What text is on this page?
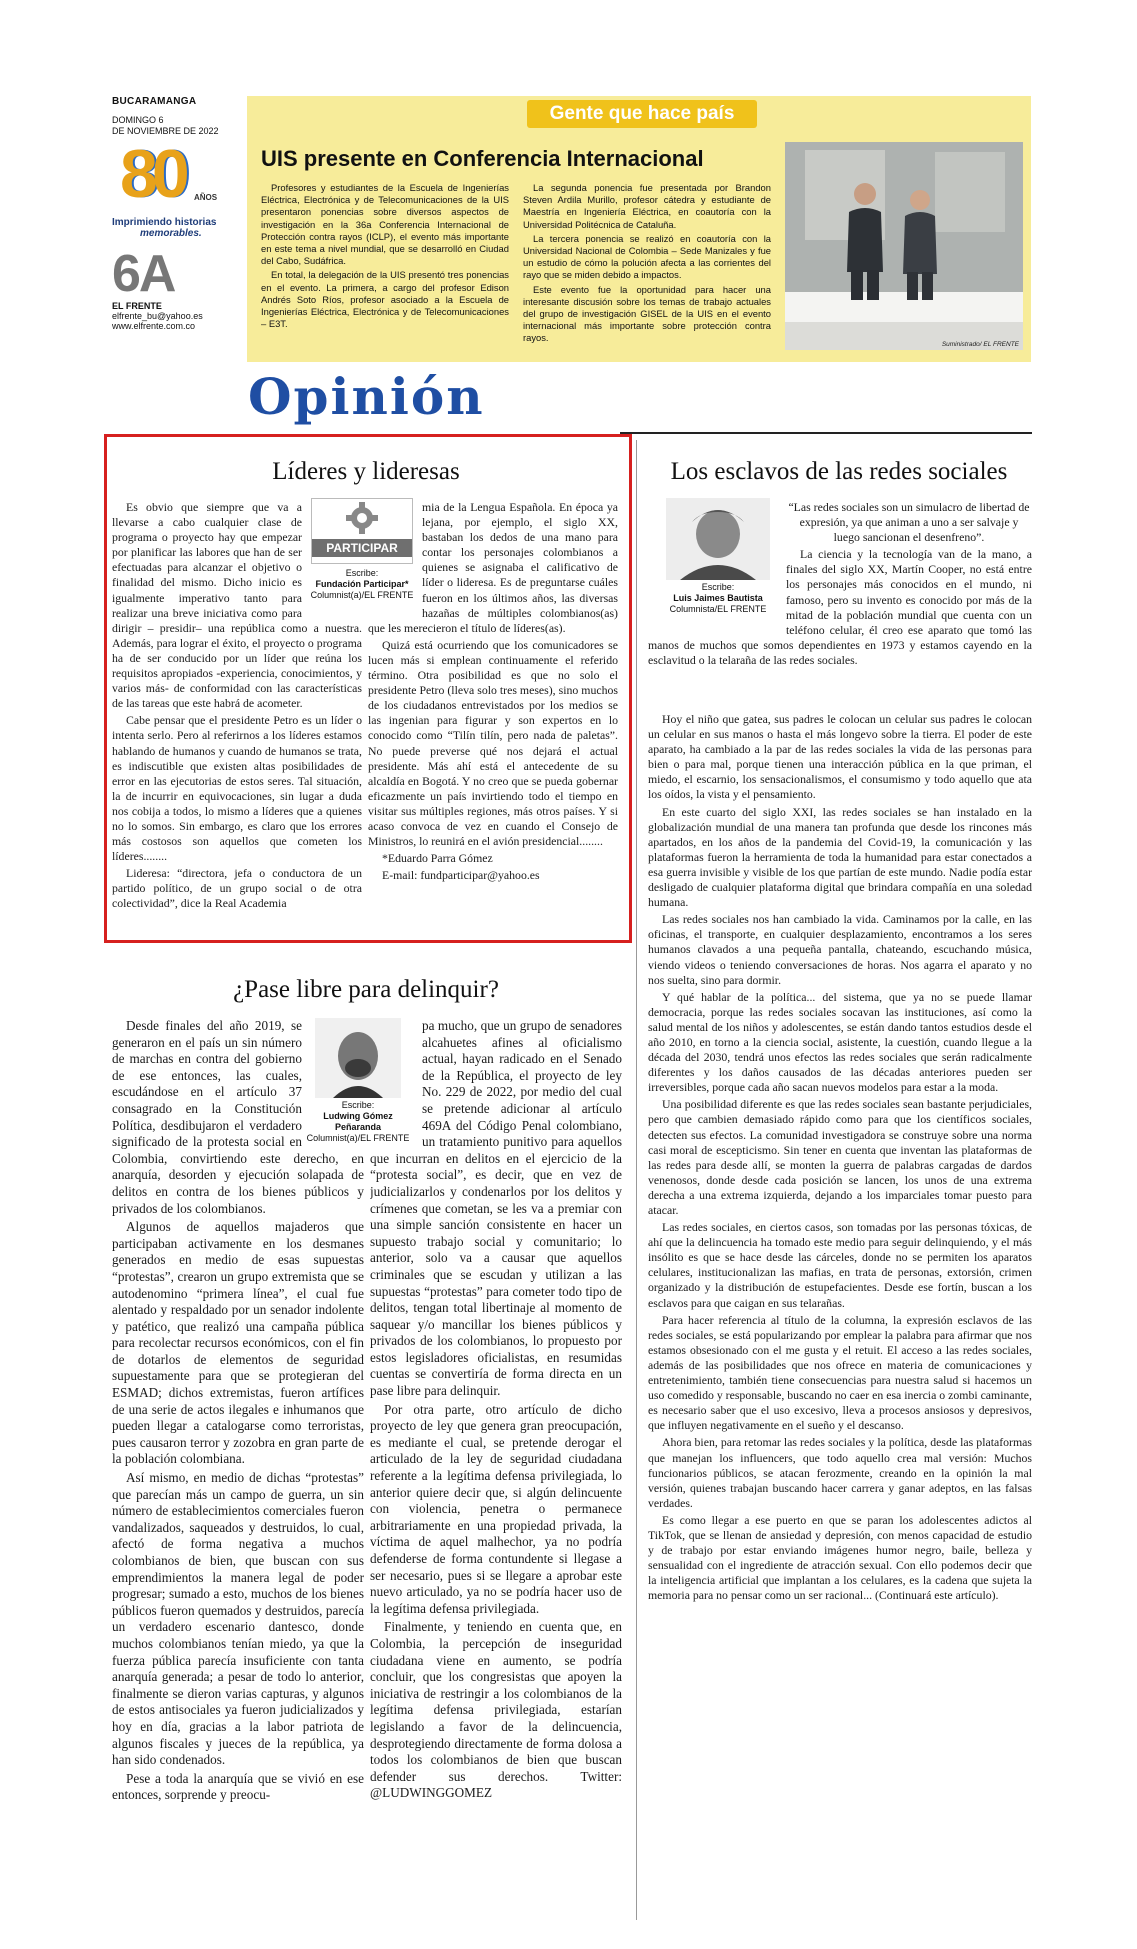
BUCARAMANGA
DOMINGO 6
DE NOVIEMBRE DE 2022
80 AÑOS
Imprimiendo historias
memorables.
6A
EL FRENTE
elfrente_bu@yahoo.es
www.elfrente.com.co
Gente que hace país
UIS presente en Conferencia Internacional

Profesores y estudiantes de la Escuela de Ingenierías Eléctrica, Electrónica y de Telecomunicaciones de la UIS presentaron ponencias sobre diversos aspectos de investigación en la 36a Conferencia Internacional de Protección contra rayos (ICLP), el evento más importante en este tema a nivel mundial, que se desarrolló en Ciudad del Cabo, Sudáfrica.

En total, la delegación de la UIS presentó tres ponencias en el evento. La primera, a cargo del profesor Edison Andrés Soto Ríos, profesor asociado a la Escuela de Ingenierías Eléctrica, Electrónica y de Telecomunicaciones – E3T.

La segunda ponencia fue presentada por Brandon Steven Ardila Murillo, profesor cátedra y estudiante de Maestría en Ingeniería Eléctrica, en coautoría con la Universidad Politécnica de Cataluña.

La tercera ponencia se realizó en coautoría con la Universidad Nacional de Colombia – Sede Manizales y fue un estudio de cómo la polución afecta a las corrientes del rayo que se miden debido a impactos.

Este evento fue la oportunidad para hacer una interesante discusión sobre los temas de trabajo actuales del grupo de investigación GISEL de la UIS en el evento internacional más importante sobre protección contra rayos.

Suministrado/ EL FRENTE
Opinión
Líderes y lideresas
PARTICIPAR
Escribe:
Fundación Participar*
Columnist(a)/EL FRENTE

Es obvio que siempre que va a llevarse a cabo cualquier clase de programa o proyecto hay que empezar por planificar las labores que han de ser efectuadas para alcanzar el objetivo o finalidad del mismo. Dicho inicio es igualmente imperativo tanto para realizar una breve iniciativa como para dirigir – presidir– una república como a nuestra. Además, para lograr el éxito, el proyecto o programa ha de ser conducido por un líder que reúna los requisitos apropiados -experiencia, conocimientos, y varios más- de conformidad con las características de las tareas que este habrá de acometer.

Cabe pensar que el presidente Petro es un líder o intenta serlo. Pero al referirnos a los líderes estamos hablando de humanos y cuando de humanos se trata, es indiscutible que existen altas posibilidades de error en las ejecutorias de estos seres. Tal situación, la de incurrir en equivocaciones, sin lugar a duda nos cobija a todos, lo mismo a líderes que a quienes no lo somos. Sin embargo, es claro que los errores más costosos son aquellos que cometen los líderes........

Lideresa: “directora, jefa o conductora de un partido político, de un grupo social o de otra colectividad”, dice la Real Academia

mia de la Lengua Española. En época ya lejana, por ejemplo, el siglo XX, bastaban los dedos de una mano para contar los personajes colombianos a quienes se asignaba el calificativo de líder o lideresa. Es de preguntarse cuáles fueron en los últimos años, las diversas hazañas de múltiples colombianos(as) que les merecieron el título de líderes(as).

Quizá está ocurriendo que los comunicadores se lucen más si emplean continuamente el referido término. Otra posibilidad es que no solo el presidente Petro (lleva solo tres meses), sino muchos de los ciudadanos entrevistados por los medios se las ingenian para figurar y son expertos en lo conocido como “Tilín tilín, pero nada de paletas”. No puede preverse qué nos dejará el actual presidente. Más ahí está el antecedente de su alcaldía en Bogotá. Y no creo que se pueda gobernar eficazmente un país invirtiendo todo el tiempo en visitar sus múltiples regiones, más otros países. Y si acaso convoca de vez en cuando el Consejo de Ministros, lo reunirá en el avión presidencial........

*Eduardo Parra Gómez

E-mail: fundparticipar@yahoo.es

¿Pase libre para delinquir?
Escribe:
Ludwing Gómez Peñaranda
Columnist(a)/EL FRENTE

Desde finales del año 2019, se generaron en el país un sin número de marchas en contra del gobierno de ese entonces, las cuales, escudándose en el artículo 37 consagrado en la Constitución Política, desdibujaron el verdadero significado de la protesta social en Colombia, convirtiendo este derecho, en anarquía, desorden y ejecución solapada de delitos en contra de los bienes públicos y privados de los colombianos.

Algunos de aquellos majaderos que participaban activamente en los desmanes generados en medio de esas supuestas “protestas”, crearon un grupo extremista que se autodenomino “primera línea”, el cual fue alentado y respaldado por un senador indolente y patético, que realizó una campaña pública para recolectar recursos económicos, con el fin de dotarlos de elementos de seguridad supuestamente para que se protegieran del ESMAD; dichos extremistas, fueron artífices de una serie de actos ilegales e inhumanos que pueden llegar a catalogarse como terroristas, pues causaron terror y zozobra en gran parte de la población colombiana.

Así mismo, en medio de dichas “protestas” que parecían más un campo de guerra, un sin número de establecimientos comerciales fueron vandalizados, saqueados y destruidos, lo cual, afectó de forma negativa a muchos colombianos de bien, que buscan con sus emprendimientos la manera legal de poder progresar; sumado a esto, muchos de los bienes públicos fueron quemados y destruidos, parecía un verdadero escenario dantesco, donde muchos colombianos tenían miedo, ya que la fuerza pública parecía insuficiente con tanta anarquía generada; a pesar de todo lo anterior, finalmente se dieron varias capturas, y algunos de estos antisociales ya fueron judicializados y hoy en día, gracias a la labor patriota de algunos fiscales y jueces de la república, ya han sido condenados.

Pese a toda la anarquía que se vivió en ese entonces, sorprende y preocu-

pa mucho, que un grupo de senadores alcahuetes afines al oficialismo actual, hayan radicado en el Senado de la República, el proyecto de ley No. 229 de 2022, por medio del cual se pretende adicionar al artículo 469A del Código Penal colombiano, un tratamiento punitivo para aquellos que incurran en delitos en el ejercicio de la “protesta social”, es decir, que en vez de judicializarlos y condenarlos por los delitos y crímenes que cometan, se les va a premiar con una simple sanción consistente en hacer un supuesto trabajo social y comunitario; lo anterior, solo va a causar que aquellos criminales que se escudan y utilizan a las supuestas “protestas” para cometer todo tipo de delitos, tengan total libertinaje al momento de saquear y/o mancillar los bienes públicos y privados de los colombianos, lo propuesto por estos legisladores oficialistas, en resumidas cuentas se convertiría de forma directa en un pase libre para delinquir.

Por otra parte, otro artículo de dicho proyecto de ley que genera gran preocupación, es mediante el cual, se pretende derogar el articulado de la ley de seguridad ciudadana referente a la legítima defensa privilegiada, lo anterior quiere decir que, si algún delincuente con violencia, penetra o permanece arbitrariamente en una propiedad privada, la víctima de aquel malhechor, ya no podría defenderse de forma contundente si llegase a ser necesario, pues si se llegare a aprobar este nuevo articulado, ya no se podría hacer uso de la legítima defensa privilegiada.

Finalmente, y teniendo en cuenta que, en Colombia, la percepción de inseguridad ciudadana viene en aumento, se podría concluir, que los congresistas que apoyen la iniciativa de restringir a los colombianos de la legítima defensa privilegiada, estarían legislando a favor de la delincuencia, desprotegiendo directamente de forma dolosa a todos los colombianos de bien que buscan defender sus derechos. Twitter: @LUDWINGGOMEZ

Los esclavos de las redes sociales
Escribe:
Luis Jaimes Bautista
Columnista/EL FRENTE

“Las redes sociales son un simulacro de libertad de expresión, ya que animan a uno a ser salvaje y luego sancionan el desenfreno”.

La ciencia y la tecnología van de la mano, a finales del siglo XX, Martín Cooper, no está entre los personajes más conocidos en el mundo, ni famoso, pero su invento es conocido por más de la mitad de la población mundial que cuenta con un teléfono celular, él creo ese aparato que tomó las manos de muchos que somos dependientes en 1973 y estamos cayendo en la esclavitud o la telaraña de las redes sociales.

Hoy el niño que gatea, sus padres le colocan un celular sus padres le colocan un celular en sus manos o hasta el más longevo sobre la tierra. El poder de este aparato, ha cambiado a la par de las redes sociales la vida de las personas para bien o para mal, porque tienen una interacción pública en la que priman, el miedo, el escarnio, los sensacionalismos, el consumismo y todo aquello que ata los oídos, la vista y el pensamiento.

En este cuarto del siglo XXI, las redes sociales se han instalado en la globalización mundial de una manera tan profunda que desde los rincones más apartados, en los años de la pandemia del Covid-19, la comunicación y las plataformas fueron la herramienta de toda la humanidad para estar conectados a esa guerra invisible y visible de los que partían de este mundo. Nadie podía estar desligado de cualquier plataforma digital que brindara compañía en una soledad humana.

Las redes sociales nos han cambiado la vida. Caminamos por la calle, en las oficinas, el transporte, en cualquier desplazamiento, encontramos a los seres humanos clavados a una pequeña pantalla, chateando, escuchando música, viendo videos o teniendo conversaciones de horas. Nos agarra el aparato y no nos suelta, sino para dormir.

Y qué hablar de la política... del sistema, que ya no se puede llamar democracia, porque las redes sociales socavan las instituciones, así como la salud mental de los niños y adolescentes, se están dando tantos estudios desde el año 2010, en torno a la ciencia social, asistente, la cuestión, cuando llegue a la década del 2030, tendrá unos efectos las redes sociales que serán radicalmente diferentes y los daños causados de las décadas anteriores pueden ser irreversibles, porque cada año sacan nuevos modelos para estar a la moda.

Una posibilidad diferente es que las redes sociales sean bastante perjudiciales, pero que cambien demasiado rápido como para que los científicos sociales, detecten sus efectos. La comunidad investigadora se construye sobre una norma casi moral de escepticismo. Sin tener en cuenta que inventan las plataformas de las redes para desde allí, se monten la guerra de palabras cargadas de dardos venenosos, donde desde cada posición se lancen, los unos de una extrema derecha a una extrema izquierda, dejando a los imparciales tomar puesto para atacar.

Las redes sociales, en ciertos casos, son tomadas por las personas tóxicas, de ahí que la delincuencia ha tomado este medio para seguir delinquiendo, y el más insólito es que se hace desde las cárceles, donde no se permiten los aparatos celulares, institucionalizan las mafias, en trata de personas, extorsión, crimen organizado y la distribución de estupefacientes. Desde ese fortín, buscan a los esclavos para que caigan en sus telarañas.

Para hacer referencia al título de la columna, la expresión esclavos de las redes sociales, se está popularizando por emplear la palabra para afirmar que nos estamos obsesionado con el me gusta y el retuit. El acceso a las redes sociales, además de las posibilidades que nos ofrece en materia de comunicaciones y entretenimiento, también tiene consecuencias para nuestra salud si hacemos un uso comedido y responsable, buscando no caer en esa inercia o zombi caminante, es necesario saber que el uso excesivo, lleva a procesos ansiosos y depresivos, que influyen negativamente en el sueño y el descanso.

Ahora bien, para retomar las redes sociales y la política, desde las plataformas que manejan los influencers, que todo aquello crea mal versión: Muchos funcionarios públicos, se atacan ferozmente, creando en la opinión la mal versión, quienes trabajan buscando hacer carrera y ganar adeptos, en las falsas verdades.

Es como llegar a ese puerto en que se paran los adolescentes adictos al TikTok, que se llenan de ansiedad y depresión, con menos capacidad de estudio y de trabajo por estar enviando imágenes humor negro, baile, belleza y sensualidad con el ingrediente de atracción sexual. Con ello podemos decir que la inteligencia artificial que implantan a los celulares, es la cadena que sujeta la memoria para no pensar como un ser racional... (Continuará este artículo).
